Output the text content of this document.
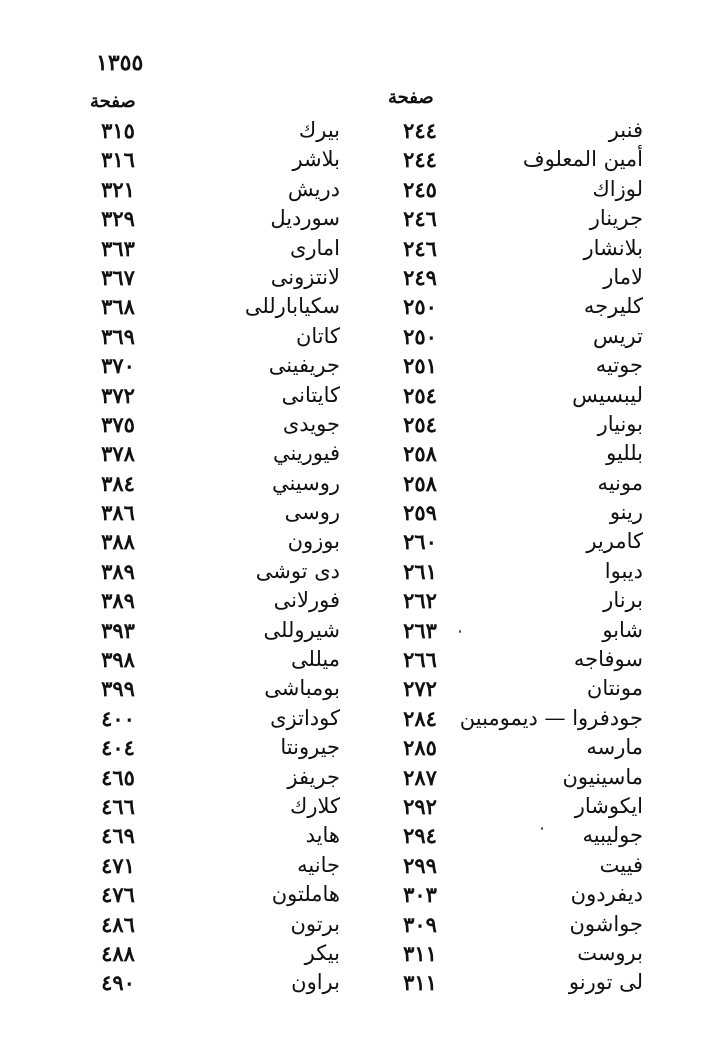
١٣٥٥
صفحة
صفحة
فنبر
٢٤٤
بيرك
٣١٥
أمين المعلوف
٢٤٤
بلاشر
٣١٦
لوزاك
٢٤٥
دريش
٣٢١
جرينار
٢٤٦
سوردیل
٣٢٩
بلانشار
٢٤٦
اماری
٣٦٣
لامار
٢٤٩
لانتزونی
٣٦٧
كليرجه
٢٥٠
سكيابارللی
٣٦٨
تريس
٢٥٠
كاتان
٣٦٩
جوتيه
٢٥١
جريفينى
٣٧٠
ليبسيس
٢٥٤
كايتانى
٣٧٢
بونيار
٢٥٤
جويدى
٣٧٥
بلليو
٢٥٨
فيوريني
٣٧٨
مونيه
٢٥٨
روسيني
٣٨٤
رينو
٢٥٩
روسی
٣٨٦
كامرير
٢٦٠
بوزون
٣٨٨
ديبوا
٢٦١
دی توشی
٣٨٩
برنار
٢٦٢
فورلانى
٣٨٩
شابو
٢٦٣
شيرولل‍ی
٣٩٣
سوفاجه
٢٦٦
ميلل‍ی
٣٩٨
مونتان
٢٧٢
بومباشی
٣٩٩
جودفروا — ديمومبين
٢٨٤
كوداتزی
٤٠٠
مارسه
٢٨٥
جيرونتا
٤٠٤
ماسينيون
٢٨٧
جريفز
٤٦٥
ايكوشار
٢٩٢
كلارك
٤٦٦
جوليبيه
٢٩٤
هايد
٤٦٩
فييت
٢٩٩
جانيه
٤٧١
ديفردون
٣٠٣
هاملتون
٤٧٦
جواشون
٣٠٩
برتون
٤٨٦
بروست
٣١١
بيكر
٤٨٨
لى تورنو
٣١١
براون
٤٩٠
